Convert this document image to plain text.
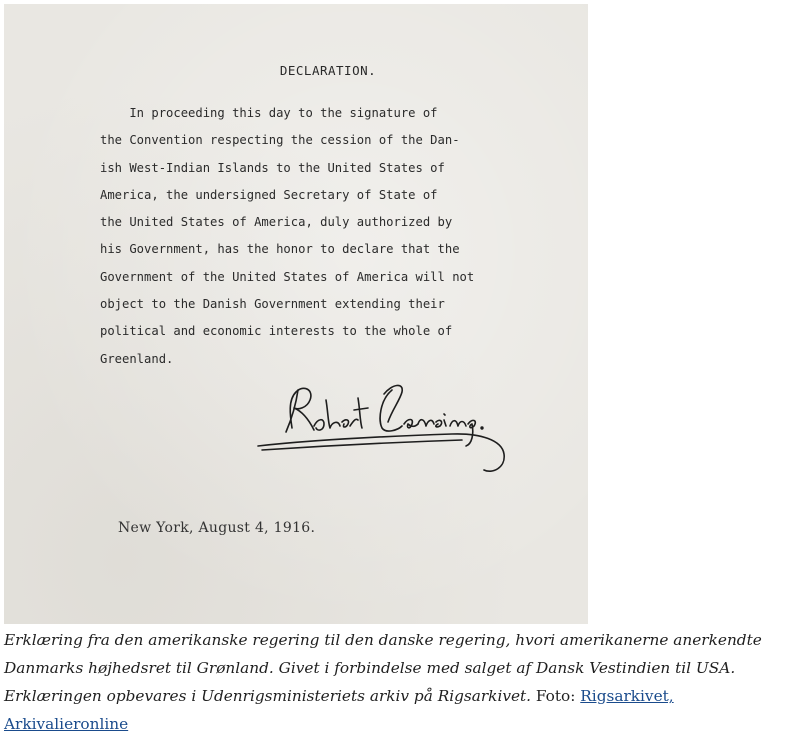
DECLARATION.
In proceeding this day to the signature of
the Convention respecting the cession of the Dan-
ish West-Indian Islands to the United States of
America, the undersigned Secretary of State of
the United States of America, duly authorized by
his Government, has the honor to declare that the
Government of the United States of America will not
object to the Danish Government extending their
political and economic interests to the whole of
Greenland.
New York, August 4, 1916.
Erklæring fra den amerikanske regering til den danske regering, hvori amerikanerne anerkendte Danmarks højhedsret til Grønland. Givet i forbindelse med salget af Dansk Vestindien til USA. Erklæringen opbevares i Udenrigsministeriets arkiv på Rigsarkivet. Foto: Rigsarkivet, Arkivalieronline
